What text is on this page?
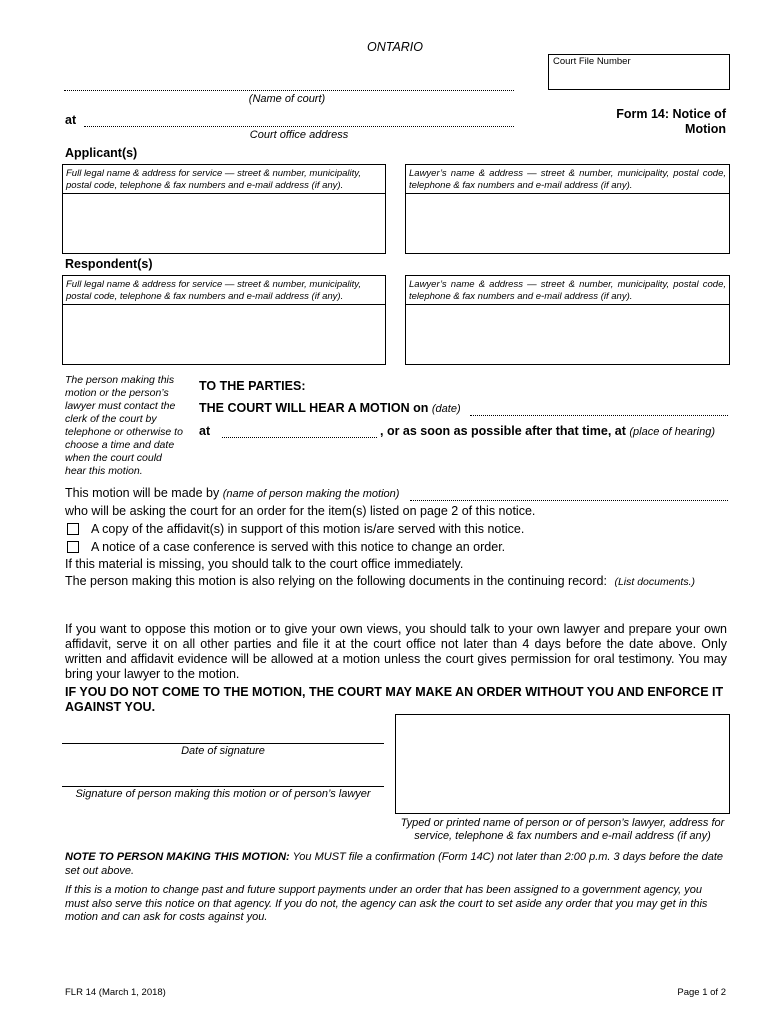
ONTARIO
Court File Number
(Name of court)
at
Court office address
Form 14: Notice of
Motion
Applicant(s)
Full legal name & address for service — street & number, municipality, postal code, telephone & fax numbers and e-mail address (if any).
Lawyer’s name & address — street & number, municipality, postal code, telephone & fax numbers and e-mail address (if any).
Respondent(s)
Full legal name & address for service — street & number, municipality, postal code, telephone & fax numbers and e-mail address (if any).
Lawyer’s name & address — street & number, municipality, postal code, telephone & fax numbers and e-mail address (if any).
The person making this motion or the person’s lawyer must contact the clerk of the court by telephone or otherwise to choose a time and date when the court could hear this motion.
TO THE PARTIES:
THE COURT WILL HEAR A MOTION on (date)
at	, or as soon as possible after that time, at (place of hearing)
This motion will be made by (name of person making the motion)
who will be asking the court for an order for the item(s) listed on page 2 of this notice.
A copy of the affidavit(s) in support of this motion is/are served with this notice.
A notice of a case conference is served with this notice to change an order.
If this material is missing, you should talk to the court office immediately.
The person making this motion is also relying on the following documents in the continuing record: (List documents.)
If you want to oppose this motion or to give your own views, you should talk to your own lawyer and prepare your own affidavit, serve it on all other parties and file it at the court office not later than 4 days before the date above. Only written and affidavit evidence will be allowed at a motion unless the court gives permission for oral testimony. You may bring your lawyer to the motion.
IF YOU DO NOT COME TO THE MOTION, THE COURT MAY MAKE AN ORDER WITHOUT YOU AND ENFORCE IT AGAINST YOU.
Date of signature
Signature of person making this motion or of person’s lawyer
Typed or printed name of person or of person’s lawyer, address for service, telephone & fax numbers and e-mail address (if any)
NOTE TO PERSON MAKING THIS MOTION: You MUST file a confirmation (Form 14C) not later than 2:00 p.m. 3 days before the date set out above.
If this is a motion to change past and future support payments under an order that has been assigned to a government agency, you must also serve this notice on that agency. If you do not, the agency can ask the court to set aside any order that you may get in this motion and can ask for costs against you.
FLR 14 (March 1, 2018)	Page 1 of 2
